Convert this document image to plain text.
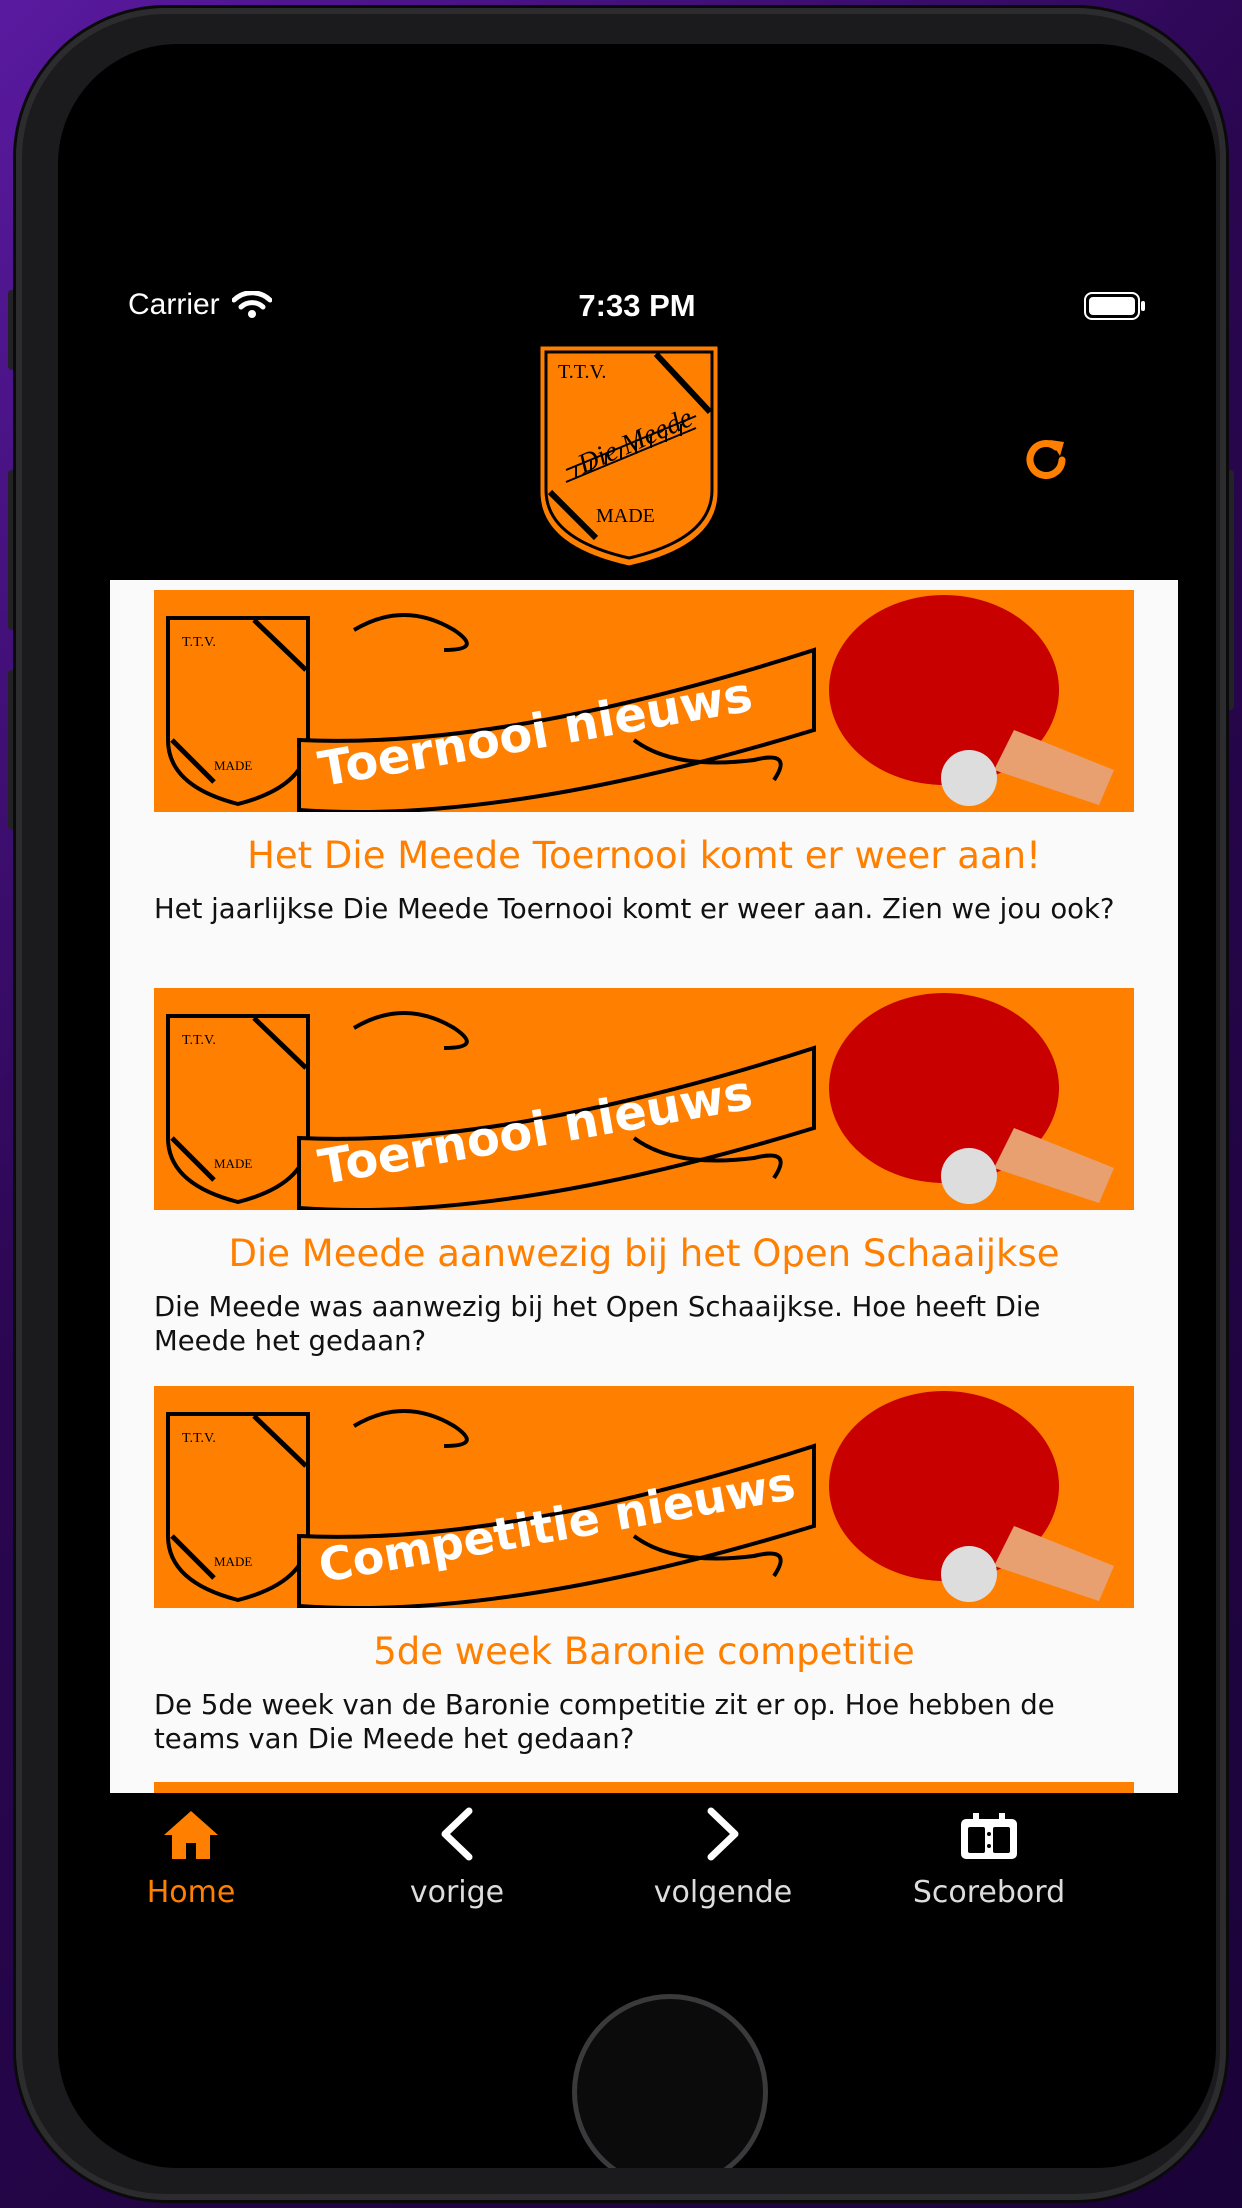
Carrier	7:33 PM
T.T.V.
Die Meede
MADE
T.T.V.
MADE Toernooi nieuws
Het Die Meede Toernooi komt er weer aan!

Het jaarlijkse Die Meede Toernooi komt er weer aan. Zien we jou ook?

T.T.V.
MADE Toernooi nieuws
Die Meede aanwezig bij het Open Schaaijkse

Die Meede was aanwezig bij het Open Schaaijkse. Hoe heeft Die Meede het gedaan?

T.T.V.
MADE Competitie nieuws
5de week Baronie competitie

De 5de week van de Baronie competitie zit er op. Hoe hebben de teams van Die Meede het gedaan?

Home	vorige	volgende	Scorebord
